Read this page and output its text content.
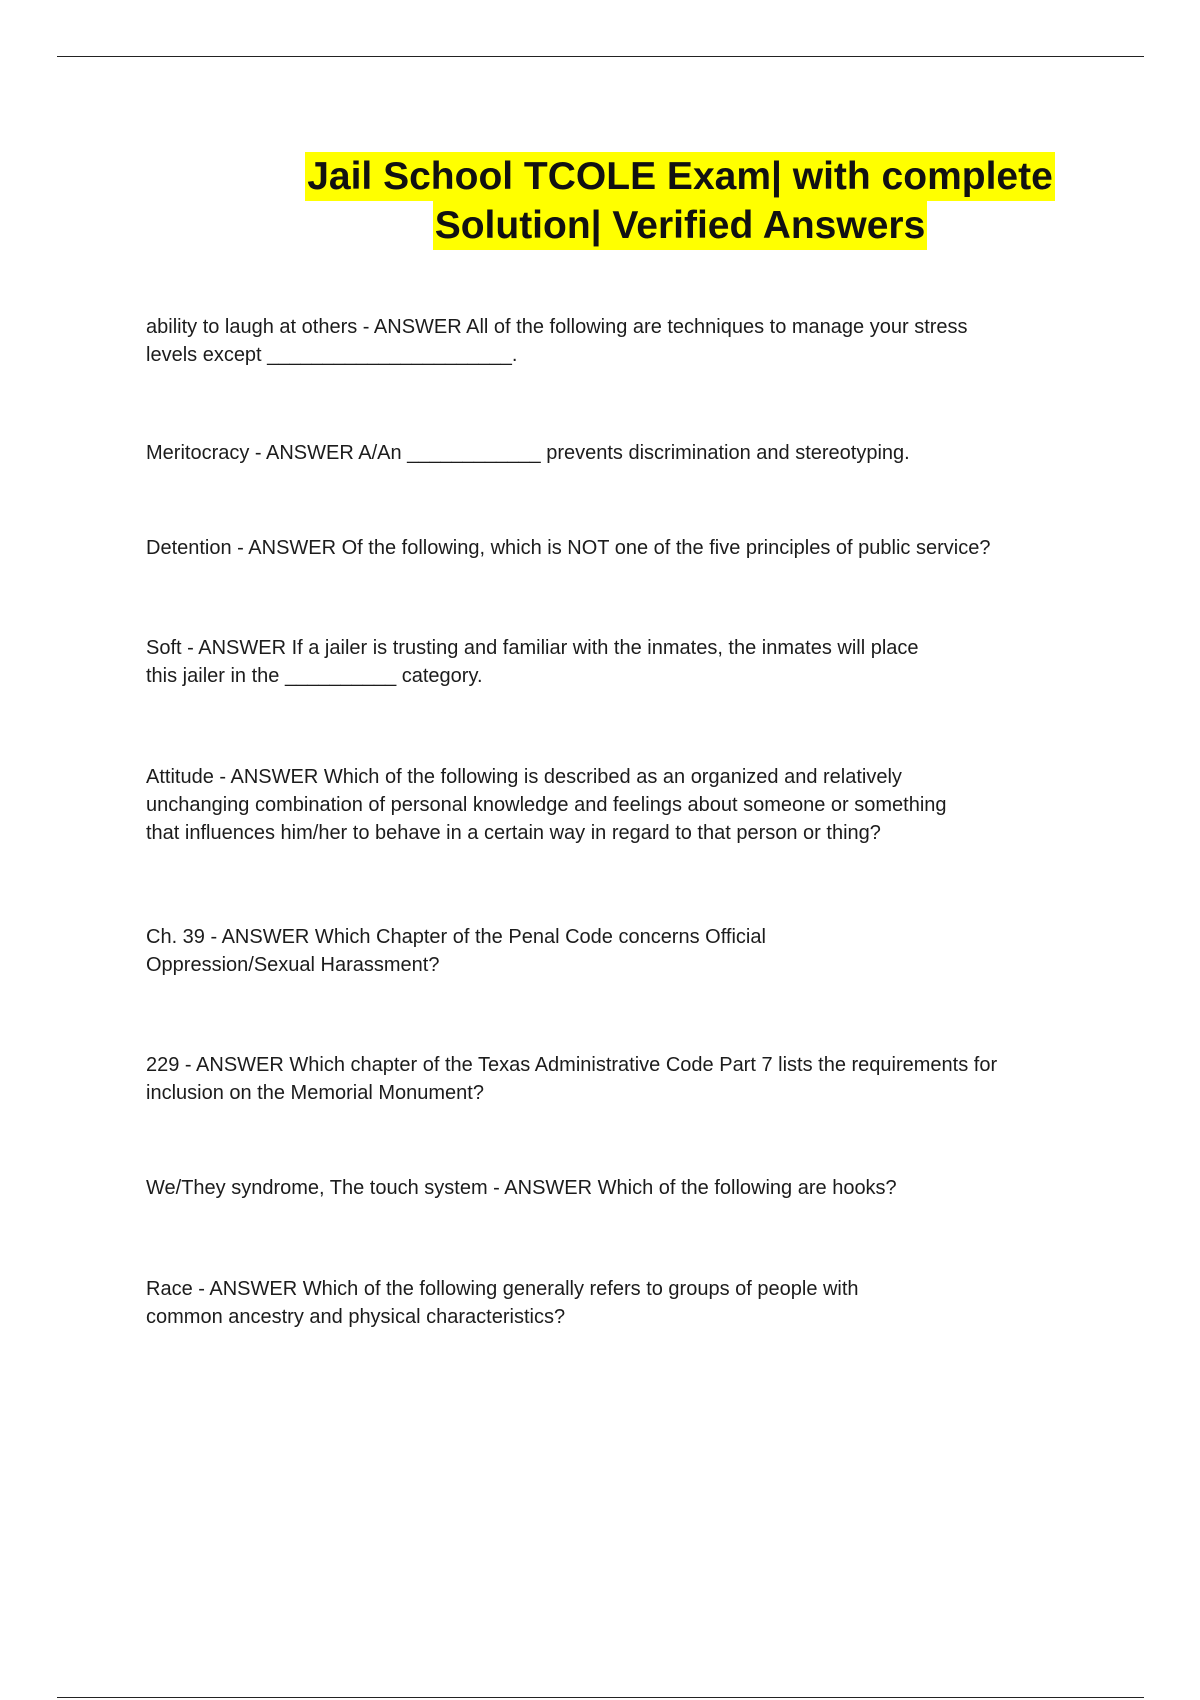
Jail School TCOLE Exam| with complete
Solution| Verified Answers
ability to laugh at others - ANSWER All of the following are techniques to manage your stress
levels except ______________________.
Meritocracy - ANSWER A/An ____________ prevents discrimination and stereotyping.
Detention - ANSWER Of the following, which is NOT one of the five principles of public service?
Soft - ANSWER If a jailer is trusting and familiar with the inmates, the inmates will place
this jailer in the __________ category.
Attitude - ANSWER Which of the following is described as an organized and relatively
unchanging combination of personal knowledge and feelings about someone or something
that influences him/her to behave in a certain way in regard to that person or thing?
Ch. 39 - ANSWER Which Chapter of the Penal Code concerns Official
Oppression/Sexual Harassment?
229 - ANSWER Which chapter of the Texas Administrative Code Part 7 lists the requirements for
inclusion on the Memorial Monument?
We/They syndrome, The touch system - ANSWER Which of the following are hooks?
Race - ANSWER Which of the following generally refers to groups of people with
common ancestry and physical characteristics?
